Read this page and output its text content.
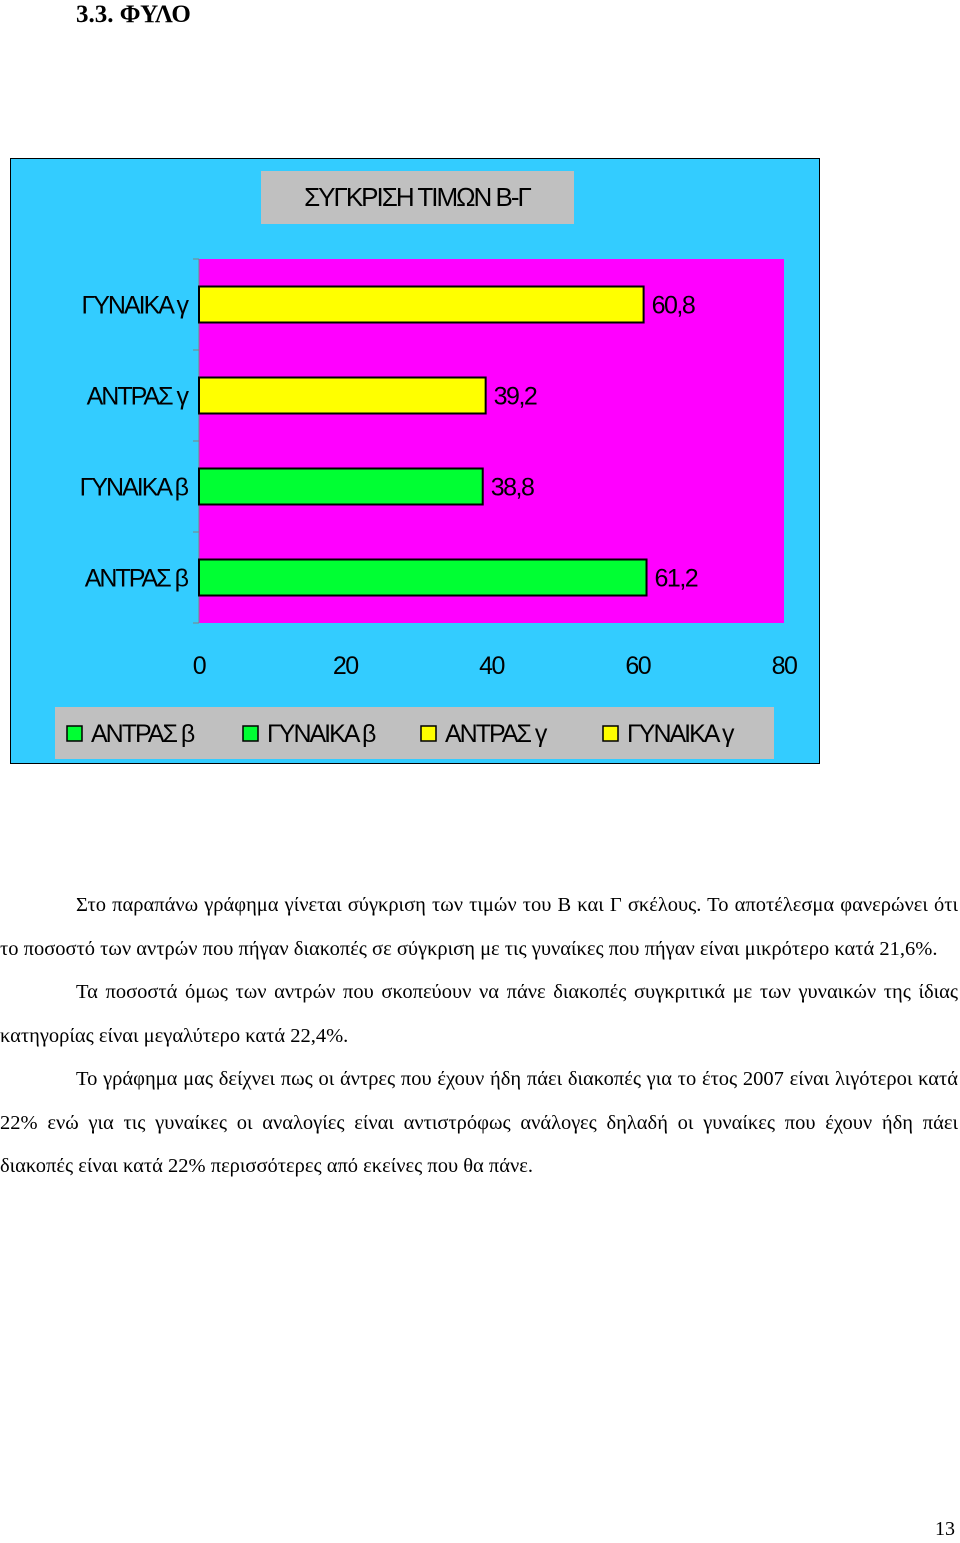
3.3. ΦΥΛΟ
ΣΥΓΚΡΙΣΗ ΤΙΜΩΝ Β-Γ
61,2
ΑΝΤΡΑΣ β
38,8
ΓΥΝΑΙΚΑ β
39,2
ΑΝΤΡΑΣ γ
60,8
ΓΥΝΑΙΚΑ γ
0	20	40	60	80
ΑΝΤΡΑΣ β	ΓΥΝΑΙΚΑ β	ΑΝΤΡΑΣ γ	ΓΥΝΑΙΚΑ γ

Στο παραπάνω γράφημα γίνεται σύγκριση των τιμών του Β και Γ σκέλους. Το αποτέλεσμα φανερώνει ότι το ποσοστό των αντρών που πήγαν διακοπές σε σύγκριση με τις γυναίκες που πήγαν είναι μικρότερο κατά 21,6%.

Τα ποσοστά όμως των αντρών που σκοπεύουν να πάνε διακοπές συγκριτικά με των γυναικών της ίδιας κατηγορίας είναι μεγαλύτερο κατά 22,4%.

Το γράφημα μας δείχνει πως οι άντρες που έχουν ήδη πάει διακοπές για το έτος 2007 είναι λιγότεροι κατά 22% ενώ για τις γυναίκες οι αναλογίες είναι αντιστρόφως ανάλογες δηλαδή οι γυναίκες που έχουν ήδη πάει διακοπές είναι κατά 22% περισσότερες από εκείνες που θα πάνε.

13
